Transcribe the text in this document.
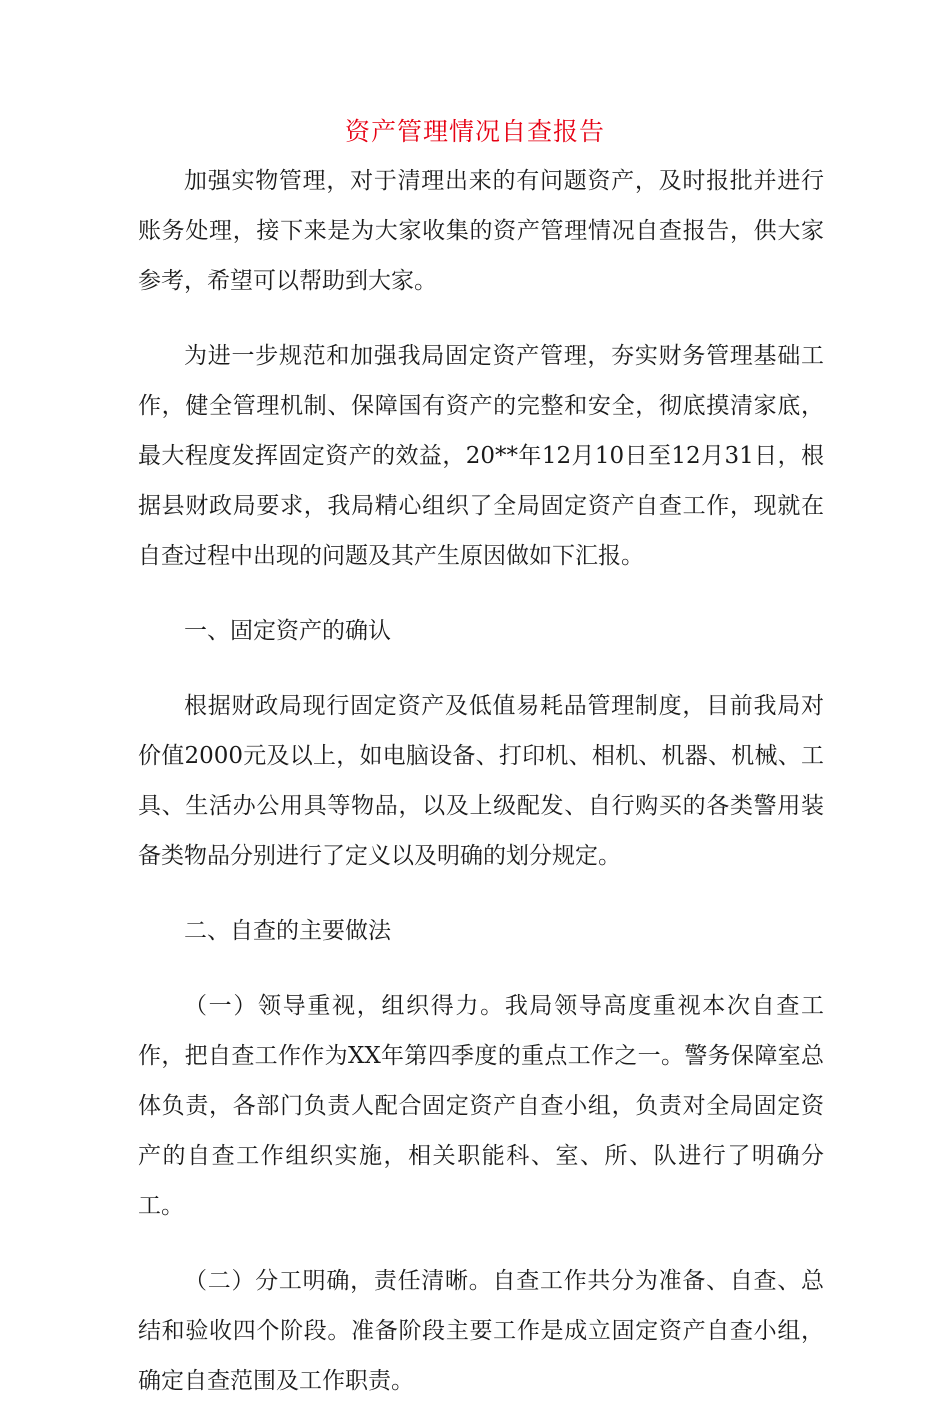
资产管理情况自查报告

加强实物管理，对于清理出来的有问题资产，及时报批并进行账务处理，接下来是为大家收集的资产管理情况自查报告，供大家参考，希望可以帮助到大家。

为进一步规范和加强我局固定资产管理，夯实财务管理基础工作，健全管理机制、保障国有资产的完整和安全，彻底摸清家底，最大程度发挥固定资产的效益，20**年12月10日至12月31日，根据县财政局要求，我局精心组织了全局固定资产自查工作，现就在自查过程中出现的问题及其产生原因做如下汇报。

一、固定资产的确认

根据财政局现行固定资产及低值易耗品管理制度，目前我局对价值2000元及以上，如电脑设备、打印机、相机、机器、机械、工具、生活办公用具等物品，以及上级配发、自行购买的各类警用装备类物品分别进行了定义以及明确的划分规定。

二、自查的主要做法

（一）领导重视，组织得力。我局领导高度重视本次自查工作，把自查工作作为XX年第四季度的重点工作之一。警务保障室总体负责，各部门负责人配合固定资产自查小组，负责对全局固定资产的自查工作组织实施，相关职能科、室、所、队进行了明确分工。

（二）分工明确，责任清晰。自查工作共分为准备、自查、总结和验收四个阶段。准备阶段主要工作是成立固定资产自查小组，确定自查范围及工作职责。
